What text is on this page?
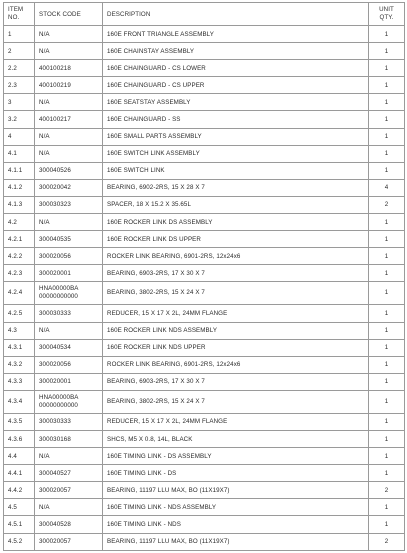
ITEM NO.	STOCK CODE	DESCRIPTION	UNIT QTY.

1	N/A	160E FRONT TRIANGLE ASSEMBLY	1
2	N/A	160E CHAINSTAY ASSEMBLY	1
2.2	400100218	160E CHAINGUARD - CS LOWER	1
2.3	400100219	160E CHAINGUARD - CS UPPER	1
3	N/A	160E SEATSTAY ASSEMBLY	1
3.2	400100217	160E CHAINGUARD - SS	1
4	N/A	160E SMALL PARTS ASSEMBLY	1
4.1	N/A	160E SWITCH LINK ASSEMBLY	1
4.1.1	300040526	160E SWITCH LINK	1
4.1.2	300020042	BEARING, 6902-2RS, 15 X 28 X 7	4
4.1.3	300030323	SPACER, 18 X 15.2 X 35.65L	2
4.2	N/A	160E ROCKER LINK DS ASSEMBLY	1
4.2.1	300040535	160E ROCKER LINK DS UPPER	1
4.2.2	300020056	ROCKER LINK BEARING, 6901-2RS, 12x24x6	1
4.2.3	300020001	BEARING, 6903-2RS, 17 X 30 X 7	1
4.2.4	HNA00000BA 00000000000	BEARING, 3802-2RS, 15 X 24 X 7	1
4.2.5	300030333	REDUCER, 15 X 17 X 2L, 24MM FLANGE	1
4.3	N/A	160E ROCKER LINK NDS ASSEMBLY	1
4.3.1	300040534	160E ROCKER LINK NDS UPPER	1
4.3.2	300020056	ROCKER LINK BEARING, 6901-2RS, 12x24x6	1
4.3.3	300020001	BEARING, 6903-2RS, 17 X 30 X 7	1
4.3.4	HNA00000BA 00000000000	BEARING, 3802-2RS, 15 X 24 X 7	1
4.3.5	300030333	REDUCER, 15 X 17 X 2L, 24MM FLANGE	1
4.3.6	300030168	SHCS, M5 X 0.8, 14L, BLACK	1
4.4	N/A	160E TIMING LINK - DS ASSEMBLY	1
4.4.1	300040527	160E TIMING LINK - DS	1
4.4.2	300020057	BEARING, 11197 LLU MAX, BO (11X19X7)	2
4.5	N/A	160E TIMING LINK - NDS ASSEMBLY	1
4.5.1	300040528	160E TIMING LINK - NDS	1
4.5.2	300020057	BEARING, 11197 LLU MAX, BO (11X19X7)	2
